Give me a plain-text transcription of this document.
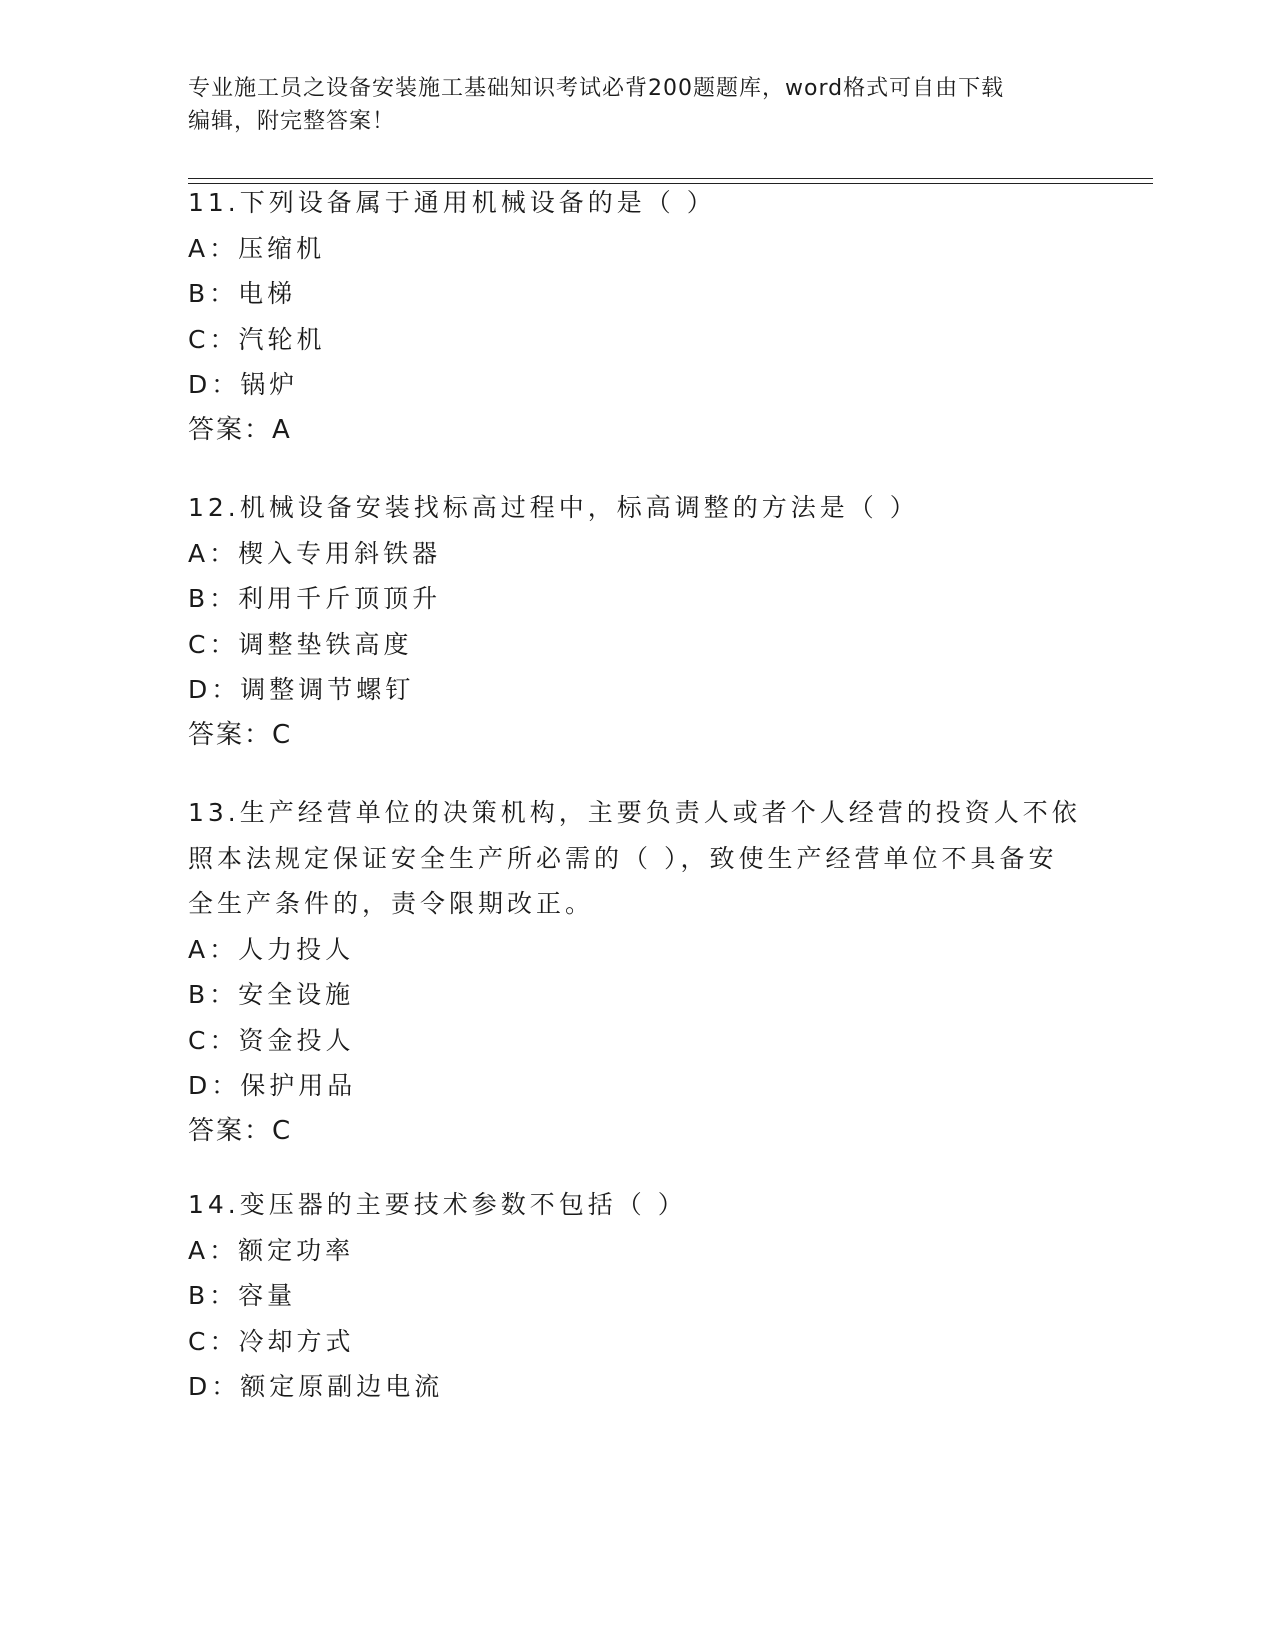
专业施工员之设备安装施工基础知识考试必背200题题库，word格式可自由下载
编辑，附完整答案！
11.下列设备属于通用机械设备的是（ ）
A：压缩机
B：电梯
C：汽轮机
D：锅炉
答案：A
12.机械设备安装找标高过程中，标高调整的方法是（ ）
A：楔入专用斜铁器
B：利用千斤顶顶升
C：调整垫铁高度
D：调整调节螺钉
答案：C
13.生产经营单位的决策机构，主要负责人或者个人经营的投资人不依
照本法规定保证安全生产所必需的（ ），致使生产经营单位不具备安
全生产条件的，责令限期改正。
A：人力投人
B：安全设施
C：资金投人
D：保护用品
答案：C
14.变压器的主要技术参数不包括（ ）
A：额定功率
B：容量
C：冷却方式
D：额定原副边电流
